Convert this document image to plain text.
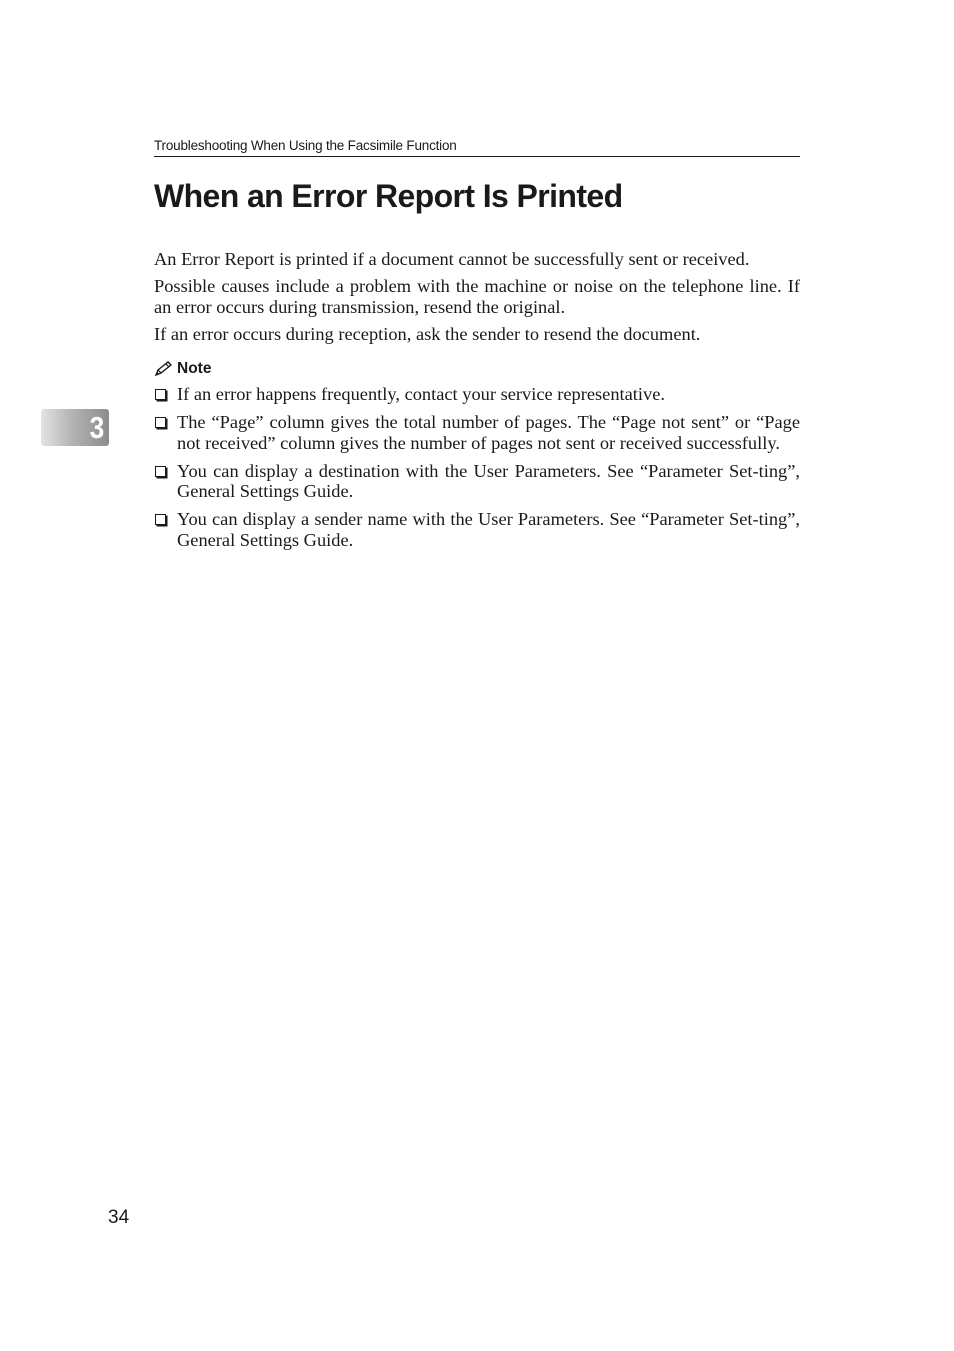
Troubleshooting When Using the Facsimile Function
When an Error Report Is Printed

An Error Report is printed if a document cannot be successfully sent or received.

Possible causes include a problem with the machine or noise on the telephone line. If an error occurs during transmission, resend the original.

If an error occurs during reception, ask the sender to resend the document.

Note
If an error happens frequently, contact your service representative.
The “Page” column gives the total number of pages. The “Page not sent” or “Page not received” column gives the number of pages not sent or received successfully.
You can display a destination with the User Parameters. See “Parameter Set-ting”, General Settings Guide.
You can display a sender name with the User Parameters. See “Parameter Set-ting”, General Settings Guide.
3
34
